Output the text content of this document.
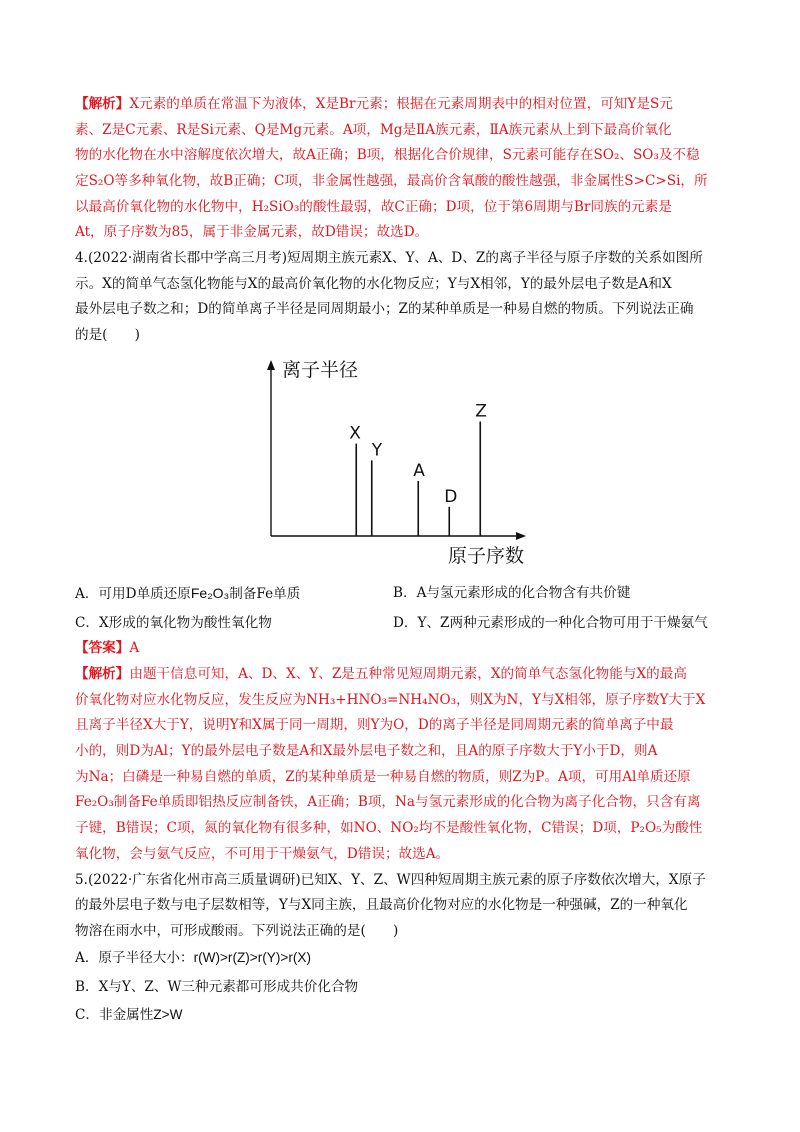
【解析】X元素的单质在常温下为液体，X是Br元素；根据在元素周期表中的相对位置，可知Y是S元
素、Z是C元素、R是Si元素、Q是Mg元素。A项，Mg是ⅡA族元素，ⅡA族元素从上到下最高价氧化
物的水化物在水中溶解度依次增大，故A正确；B项，根据化合价规律，S元素可能存在SO₂、SO₃及不稳
定S₂O等多种氧化物，故B正确；C项，非金属性越强，最高价含氧酸的酸性越强，非金属性S>C>Si，所
以最高价氧化物的水化物中，H₂SiO₃的酸性最弱，故C正确；D项，位于第6周期与Br同族的元素是
At，原子序数为85，属于非金属元素，故D错误；故选D。
4.(2022·湖南省长郡中学高三月考)短周期主族元素X、Y、A、D、Z的离子半径与原子序数的关系如图所
示。X的简单气态氢化物能与X的最高价氧化物的水化物反应；Y与X相邻，Y的最外层电子数是A和X
最外层电子数之和；D的简单离子半径是同周期最小；Z的某种单质是一种易自燃的物质。下列说法正确
的是(　　)
X
Y
A
D
Z
离子半径
原子序数
A．可用D单质还原Fe₂O₃制备Fe单质	B．A与氢元素形成的化合物含有共价键
C．X形成的氧化物为酸性氧化物	D．Y、Z两种元素形成的一种化合物可用于干燥氨气
【答案】A
【解析】由题干信息可知，A、D、X、Y、Z是五种常见短周期元素，X的简单气态氢化物能与X的最高
价氧化物对应水化物反应，发生反应为NH₃+HNO₃=NH₄NO₃，则X为N，Y与X相邻，原子序数Y大于X
且离子半径X大于Y，说明Y和X属于同一周期，则Y为O，D的离子半径是同周期元素的简单离子中最
小的，则D为Al；Y的最外层电子数是A和X最外层电子数之和，且A的原子序数大于Y小于D，则A
为Na；白磷是一种易自燃的单质，Z的某种单质是一种易自燃的物质，则Z为P。A项，可用Al单质还原
Fe₂O₃制备Fe单质即铝热反应制备铁，A正确；B项，Na与氢元素形成的化合物为离子化合物，只含有离
子键，B错误；C项，氮的氧化物有很多种，如NO、NO₂均不是酸性氧化物，C错误；D项，P₂O₅为酸性
氧化物，会与氨气反应，不可用于干燥氨气，D错误；故选A。
5.(2022·广东省化州市高三质量调研)已知X、Y、Z、W四种短周期主族元素的原子序数依次增大，X原子
的最外层电子数与电子层数相等，Y与X同主族，且最高价化物对应的水化物是一种强碱，Z的一种氧化
物溶在雨水中，可形成酸雨。下列说法正确的是(　　)
A．原子半径大小：r(W)>r(Z)>r(Y)>r(X)
B．X与Y、Z、W三种元素都可形成共价化合物
C．非金属性Z>W
